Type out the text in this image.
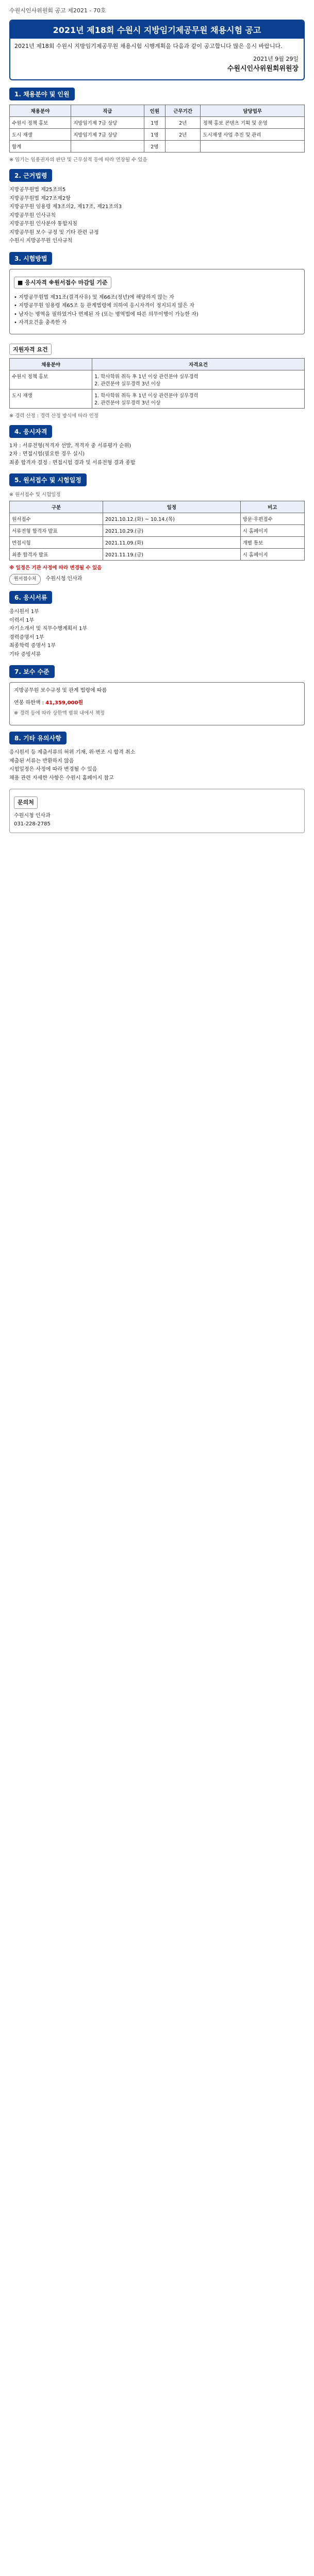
수원시인사위원회 공고 제2021 - 70호
2021년 제18회 수원시 지방임기제공무원 채용시험 공고
2021년 제18회 수원시 지방임기제공무원 채용시험 시행계획을 다음과 같이 공고합니다 많은 응시 바랍니다.
2021년 9월 29일
수원시인사위원회위원장
1. 채용분야 및 인원
채용분야	직급	인원	근무기간	담당업무
수원시 정책 홍보	지방임기제 7급 상당	1명	2년	정책 홍보 콘텐츠 기획 및 운영
도시 재생	지방임기제 7급 상당	1명	2년	도시재생 사업 추진 및 관리
합계		2명		
※ 임기는 임용권자의 판단 및 근무실적 등에 따라 연장될 수 있음
2. 근거법령
지방공무원법 제25조의5
지방공무원법 제27조제2항
지방공무원 임용령 제3조의2, 제17조, 제21조의3
지방공무원 인사규칙
지방공무원 인사분야 통합지침
지방공무원 보수 규정 및 기타 관련 규정
수원시 지방공무원 인사규칙
3. 시험방법
■ 응시자격 ※원서접수 마감일 기준
• 지방공무원법 제31조(결격사유) 및 제66조(정년)에 해당하지 않는 자
• 지방공무원 임용령 제65조 등 관계법령에 의하여 응시자격이 정지되지 않은 자
• 남자는 병역을 필하였거나 면제된 자 (또는 병역법에 따른 의무이행이 가능한 자)
• 자격요건을 충족한 자
지원자격 요건
채용분야	자격요건
수원시 정책 홍보	1. 학사학위 취득 후 1년 이상 관련분야 실무경력
2. 관련분야 실무경력 3년 이상
도시 재생	1. 학사학위 취득 후 1년 이상 관련분야 실무경력
2. 관련분야 실무경력 3년 이상
※ 경력 산정 : 경력 산정 방식에 따라 인정
4. 응시자격
1차 : 서류전형(적격자 선발, 적격자 중 서류평가 순위)
2차 : 면접시험(필요한 경우 실시)
최종 합격자 결정 : 면접시험 결과 및 서류전형 결과 종합
5. 원서접수 및 시험일정
※ 원서접수 및 시험일정
구분	일정	비고
원서접수	2021.10.12.(화) ~ 10.14.(목)	방문·우편접수
서류전형 합격자 발표	2021.10.29.(금)	시 홈페이지
면접시험	2021.11.09.(화)	개별 통보
최종 합격자 발표	2021.11.19.(금)	시 홈페이지
※ 일정은 기관 사정에 따라 변경될 수 있음
원서접수처 수원시청 인사과
6. 응시서류
응시원서 1부
이력서 1부
자기소개서 및 직무수행계획서 1부
경력증명서 1부
최종학력 증명서 1부
기타 증빙서류
7. 보수 수준
지방공무원 보수규정 및 관계 법령에 따름
연봉 하한액 : 41,359,000원
※ 경력 등에 따라 상한액 범위 내에서 책정
8. 기타 유의사항
응시원서 등 제출서류의 허위 기재, 위·변조 시 합격 취소
제출된 서류는 반환하지 않음
시험일정은 사정에 따라 변경될 수 있음
채용 관련 자세한 사항은 수원시 홈페이지 참고
문의처
수원시청 인사과
031-228-2785
